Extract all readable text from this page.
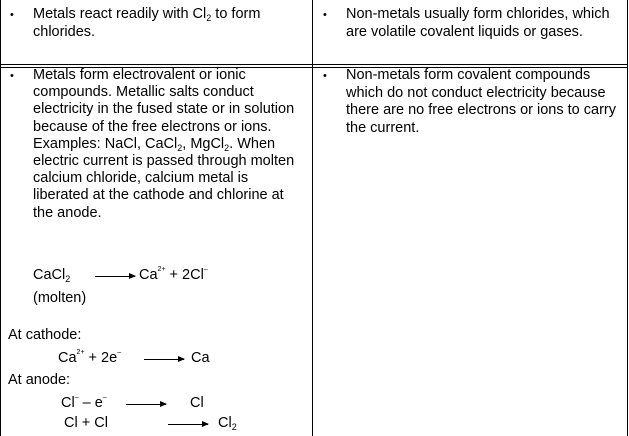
• Metals react readily with $Cl_2$ to form chlorides.
• Non-metals usually form chlorides, which are volatile covalent liquids or gases.
• Metals form electrovalent or ionic compounds. Metallic salts conduct electricity in the fused state or in solution because of the free electrons or ions. Examples: NaCl, CaCl$_2$, MgCl$_2$. When electric current is passed through molten calcium chloride, calcium metal is liberated at the cathode and chlorine at the anode.
• Non-metals form covalent compounds which do not conduct electricity because there are no free electrons or ions to carry the current.
CaCl$_2$ → $Ca^{2+} + 2Cl^-$
(molten)
At cathode:
$Ca^{2+} + 2e^- \to Ca$
At anode:
Cl– – e–	Cl
Cl + Cl	→ $Cl_2$
